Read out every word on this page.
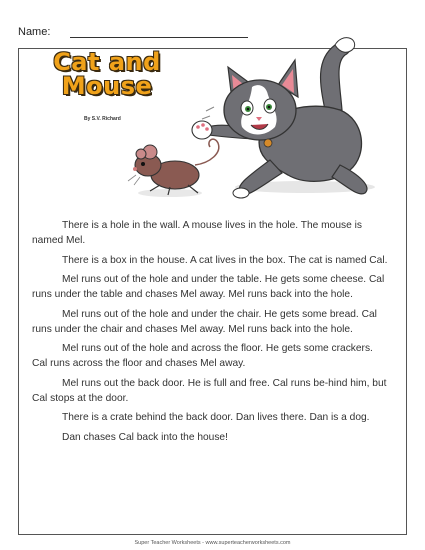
Name:
Cat and
Mouse
By S.V. Richard

There is a hole in the wall. A mouse lives in the hole. The mouse is named Mel.

There is a box in the house. A cat lives in the box. The cat is named Cal.

Mel runs out of the hole and under the table. He gets some cheese. Cal runs under the table and chases Mel away. Mel runs back into the hole.

Mel runs out of the hole and under the chair. He gets some bread. Cal runs under the chair and chases Mel away. Mel runs back into the hole.

Mel runs out of the hole and across the floor. He gets some crackers. Cal runs across the floor and chases Mel away.

Mel runs out the back door. He is full and free. Cal runs be-hind him, but Cal stops at the door.

There is a crate behind the back door. Dan lives there. Dan is a dog.

Dan chases Cal back into the house!

Super Teacher Worksheets - www.superteacherworksheets.com
